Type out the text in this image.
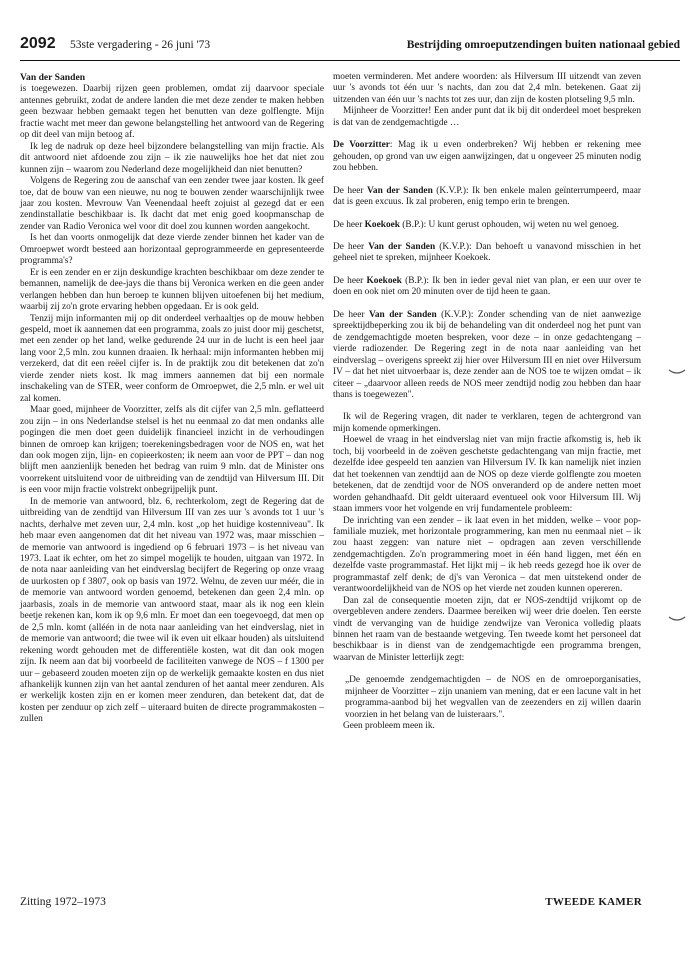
2092 53ste vergadering - 26 juni '73	Bestrijding omroeputzendingen buiten nationaal gebied
Van der Sanden

is toegewezen. Daarbij rijzen geen problemen, omdat zij daarvoor speciale antennes gebruikt, zodat de andere landen die met deze zender te maken hebben geen bezwaar hebben gemaakt tegen het benutten van deze golflengte. Mijn fractie wacht met meer dan gewone belangstelling het antwoord van de Regering op dit deel van mijn betoog af.

Ik leg de nadruk op deze heel bijzondere belangstelling van mijn fractie. Als dit antwoord niet afdoende zou zijn – ik zie nauwelijks hoe het dat niet zou kunnen zijn – waarom zou Nederland deze mogelijkheid dan niet benutten?

Volgens de Regering zou de aanschaf van een zender twee jaar kosten. Ik geef toe, dat de bouw van een nieuwe, nu nog te bouwen zender waarschijnlijk twee jaar zou kosten. Mevrouw Van Veenendaal heeft zojuist al gezegd dat er een zendinstallatie beschikbaar is. Ik dacht dat met enig goed koopmanschap de zender van Radio Veronica wel voor dit doel zou kunnen worden aangekocht.

Is het dan voorts onmogelijk dat deze vierde zender binnen het kader van de Omroepwet wordt besteed aan horizontaal geprogrammeerde en gepresenteerde programma's?

Er is een zender en er zijn deskundige krachten beschikbaar om deze zender te bemannen, namelijk de dee-jays die thans bij Veronica werken en die geen ander verlangen hebben dan hun beroep te kunnen blijven uitoefenen bij het medium, waarbij zij zo'n grote ervaring hebben opgedaan. Er is ook geld.

Tenzij mijn informanten mij op dit onderdeel verhaaltjes op de mouw hebben gespeld, moet ik aannemen dat een programma, zoals zo juist door mij geschetst, met een zender op het land, welke gedurende 24 uur in de lucht is een heel jaar lang voor 2,5 mln. zou kunnen draaien. Ik herhaal: mijn informanten hebben mij verzekerd, dat dit een reëel cijfer is. In de praktijk zou dit betekenen dat zo'n vierde zender niets kost. Ik mag immers aannemen dat bij een normale inschakeling van de STER, weer conform de Omroepwet, die 2,5 mln. er wel uit zal komen.

Maar goed, mijnheer de Voorzitter, zelfs als dit cijfer van 2,5 mln. geflatteerd zou zijn – in ons Nederlandse stelsel is het nu eenmaal zo dat men ondanks alle pogingen die men doet geen duidelijk financieel inzicht in de verhoudingen binnen de omroep kan krijgen; toerekeningsbedragen voor de NOS en, wat het dan ook mogen zijn, lijn- en copieerkosten; ik neem aan voor de PPT – dan nog blijft men aanzienlijk beneden het bedrag van ruim 9 mln. dat de Minister ons voorrekent uitsluitend voor de uitbreiding van de zendtijd van Hilversum III. Dit is een voor mijn fractie volstrekt onbegrijpelijk punt.

In de memorie van antwoord, blz. 6, rechterkolom, zegt de Regering dat de uitbreiding van de zendtijd van Hilversum III van zes uur 's avonds tot 1 uur 's nachts, derhalve met zeven uur, 2,4 mln. kost „op het huidige kostenniveau". Ik heb maar even aangenomen dat dit het niveau van 1972 was, maar misschien – de memorie van antwoord is ingediend op 6 februari 1973 – is het niveau van 1973. Laat ik echter, om het zo simpel mogelijk te houden, uitgaan van 1972. In de nota naar aanleiding van het eindverslag becijfert de Regering op onze vraag de uurkosten op f 3807, ook op basis van 1972. Welnu, de zeven uur méér, die in de memorie van antwoord worden genoemd, betekenen dan geen 2,4 mln. op jaarbasis, zoals in de memorie van antwoord staat, maar als ik nog een klein beetje rekenen kan, kom ik op 9,6 mln. Er moet dan een toegevoegd, dat men op de 2,5 mln. komt (alléén in de nota naar aanleiding van het eindverslag, niet in de memorie van antwoord; die twee wil ik even uit elkaar houden) als uitsluitend rekening wordt gehouden met de differentiële kosten, wat dit dan ook mogen zijn. Ik neem aan dat bij voorbeeld de faciliteiten vanwege de NOS – f 1300 per uur – gebaseerd zouden moeten zijn op de werkelijk gemaakte kosten en dus niet afhankelijk kunnen zijn van het aantal zenduren of het aantal meer zenduren. Als er werkelijk kosten zijn en er komen meer zenduren, dan betekent dat, dat de kosten per zenduur op zich zelf – uiteraard buiten de directe programmakosten – zullen

moeten verminderen. Met andere woorden: als Hilversum III uitzendt van zeven uur 's avonds tot één uur 's nachts, dan zou dat 2,4 mln. betekenen. Gaat zij uitzenden van één uur 's nachts tot zes uur, dan zijn de kosten plotseling 9,5 mln.

Mijnheer de Voorzitter! Een ander punt dat ik bij dit onderdeel moet bespreken is dat van de zendgemachtigde …

De Voorzitter: Mag ik u even onderbreken? Wij hebben er rekening mee gehouden, op grond van uw eigen aanwijzingen, dat u ongeveer 25 minuten nodig zou hebben.

De heer Van der Sanden (K.V.P.): Ik ben enkele malen geïnterrumpeerd, maar dat is geen excuus. Ik zal proberen, enig tempo erin te brengen.

De heer Koekoek (B.P.): U kunt gerust ophouden, wij weten nu wel genoeg.

De heer Van der Sanden (K.V.P.): Dan behoeft u vanavond misschien in het geheel niet te spreken, mijnheer Koekoek.

De heer Koekoek (B.P.): Ik ben in ieder geval niet van plan, er een uur over te doen en ook niet om 20 minuten over de tijd heen te gaan.

De heer Van der Sanden (K.V.P.): Zonder schending van de niet aanwezige spreektijdbeperking zou ik bij de behandeling van dit onderdeel nog het punt van de zendgemachtigde moeten bespreken, voor deze – in onze gedachtengang – vierde radiozender. De Regering zegt in de nota naar aanleiding van het eindverslag – overigens spreekt zij hier over Hilversum III en niet over Hilversum IV – dat het niet uitvoerbaar is, deze zender aan de NOS toe te wijzen omdat – ik citeer – „daarvoor alleen reeds de NOS meer zendtijd nodig zou hebben dan haar thans is toegewezen".

Ik wil de Regering vragen, dit nader te verklaren, tegen de achtergrond van mijn komende opmerkingen.

Hoewel de vraag in het eindverslag niet van mijn fractie afkomstig is, heb ik toch, bij voorbeeld in de zoëven geschetste gedachtengang van mijn fractie, met dezelfde idee gespeeld ten aanzien van Hilversum IV. Ik kan namelijk niet inzien dat het toekennen van zendtijd aan de NOS op deze vierde golflengte zou moeten betekenen, dat de zendtijd voor de NOS onveranderd op de andere netten moet worden gehandhaafd. Dit geldt uiteraard eventueel ook voor Hilversum III. Wij staan immers voor het volgende en vrij fundamentele probleem:

De inrichting van een zender – ik laat even in het midden, welke – voor pop-familiale muziek, met horizontale programmering, kan men nu eenmaal niet – ik zou haast zeggen: van nature niet – opdragen aan zeven verschillende zendgemachtigden. Zo'n programmering moet in één hand liggen, met één en dezelfde vaste programmastaf. Het lijkt mij – ik heb reeds gezegd hoe ik over de programmastaf zelf denk; de dj's van Veronica – dat men uitstekend onder de verantwoordelijkheid van de NOS op het vierde net zouden kunnen opereren.

Dan zal de consequentie moeten zijn, dat er NOS-zendtijd vrijkomt op de overgebleven andere zenders. Daarmee bereiken wij weer drie doelen. Ten eerste vindt de vervanging van de huidige zendwijze van Veronica volledig plaats binnen het raam van de bestaande wetgeving. Ten tweede komt het personeel dat beschikbaar is in dienst van de zendgemachtigde een programma brengen, waarvan de Minister letterlijk zegt:

„De genoemde zendgemachtigden – de NOS en de omroeporganisaties, mijnheer de Voorzitter – zijn unaniem van mening, dat er een lacune valt in het programma-aanbod bij het wegvallen van de zeezenders en zij willen daarin voorzien in het belang van de luisteraars.".

Geen probleem meen ik.

Zitting 1972–1973	TWEEDE KAMER
